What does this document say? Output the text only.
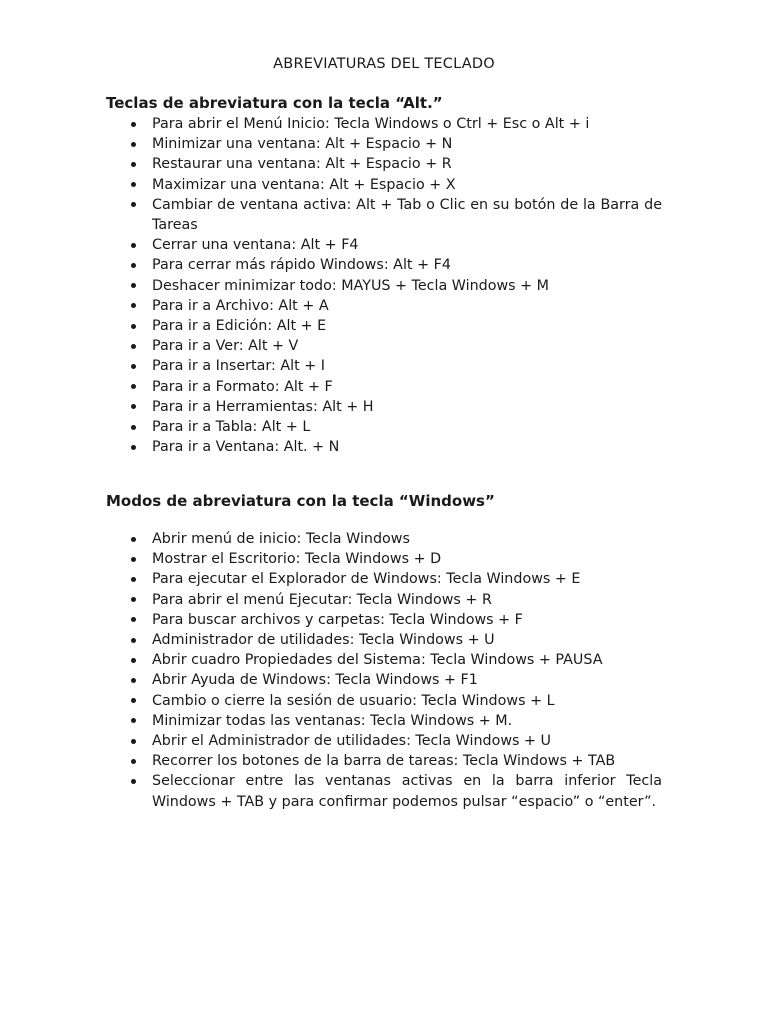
ABREVIATURAS DEL TECLADO
Teclas de abreviatura con la tecla “Alt.”
Para abrir el Menú Inicio: Tecla Windows o Ctrl + Esc o Alt + i
Minimizar una ventana: Alt + Espacio + N
Restaurar una ventana: Alt + Espacio + R
Maximizar una ventana: Alt + Espacio + X
Cambiar de ventana activa: Alt + Tab o Clic en su botón de la Barra de Tareas
Cerrar una ventana: Alt + F4
Para cerrar más rápido Windows: Alt + F4
Deshacer minimizar todo: MAYUS + Tecla Windows + M
Para ir a Archivo: Alt + A
Para ir a Edición: Alt + E
Para ir a Ver: Alt + V
Para ir a Insertar: Alt + I
Para ir a Formato: Alt + F
Para ir a Herramientas: Alt + H
Para ir a Tabla: Alt + L
Para ir a Ventana: Alt. + N
Modos de abreviatura con la tecla “Windows”
Abrir menú de inicio: Tecla Windows
Mostrar el Escritorio: Tecla Windows + D
Para ejecutar el Explorador de Windows: Tecla Windows + E
Para abrir el menú Ejecutar: Tecla Windows + R
Para buscar archivos y carpetas: Tecla Windows + F
Administrador de utilidades: Tecla Windows + U
Abrir cuadro Propiedades del Sistema: Tecla Windows + PAUSA
Abrir Ayuda de Windows: Tecla Windows + F1
Cambio o cierre la sesión de usuario: Tecla Windows + L
Minimizar todas las ventanas: Tecla Windows + M.
Abrir el Administrador de utilidades: Tecla Windows + U
Recorrer los botones de la barra de tareas: Tecla Windows + TAB
Seleccionar entre las ventanas activas en la barra inferior Tecla Windows + TAB y para confirmar podemos pulsar “espacio” o “enter”.
